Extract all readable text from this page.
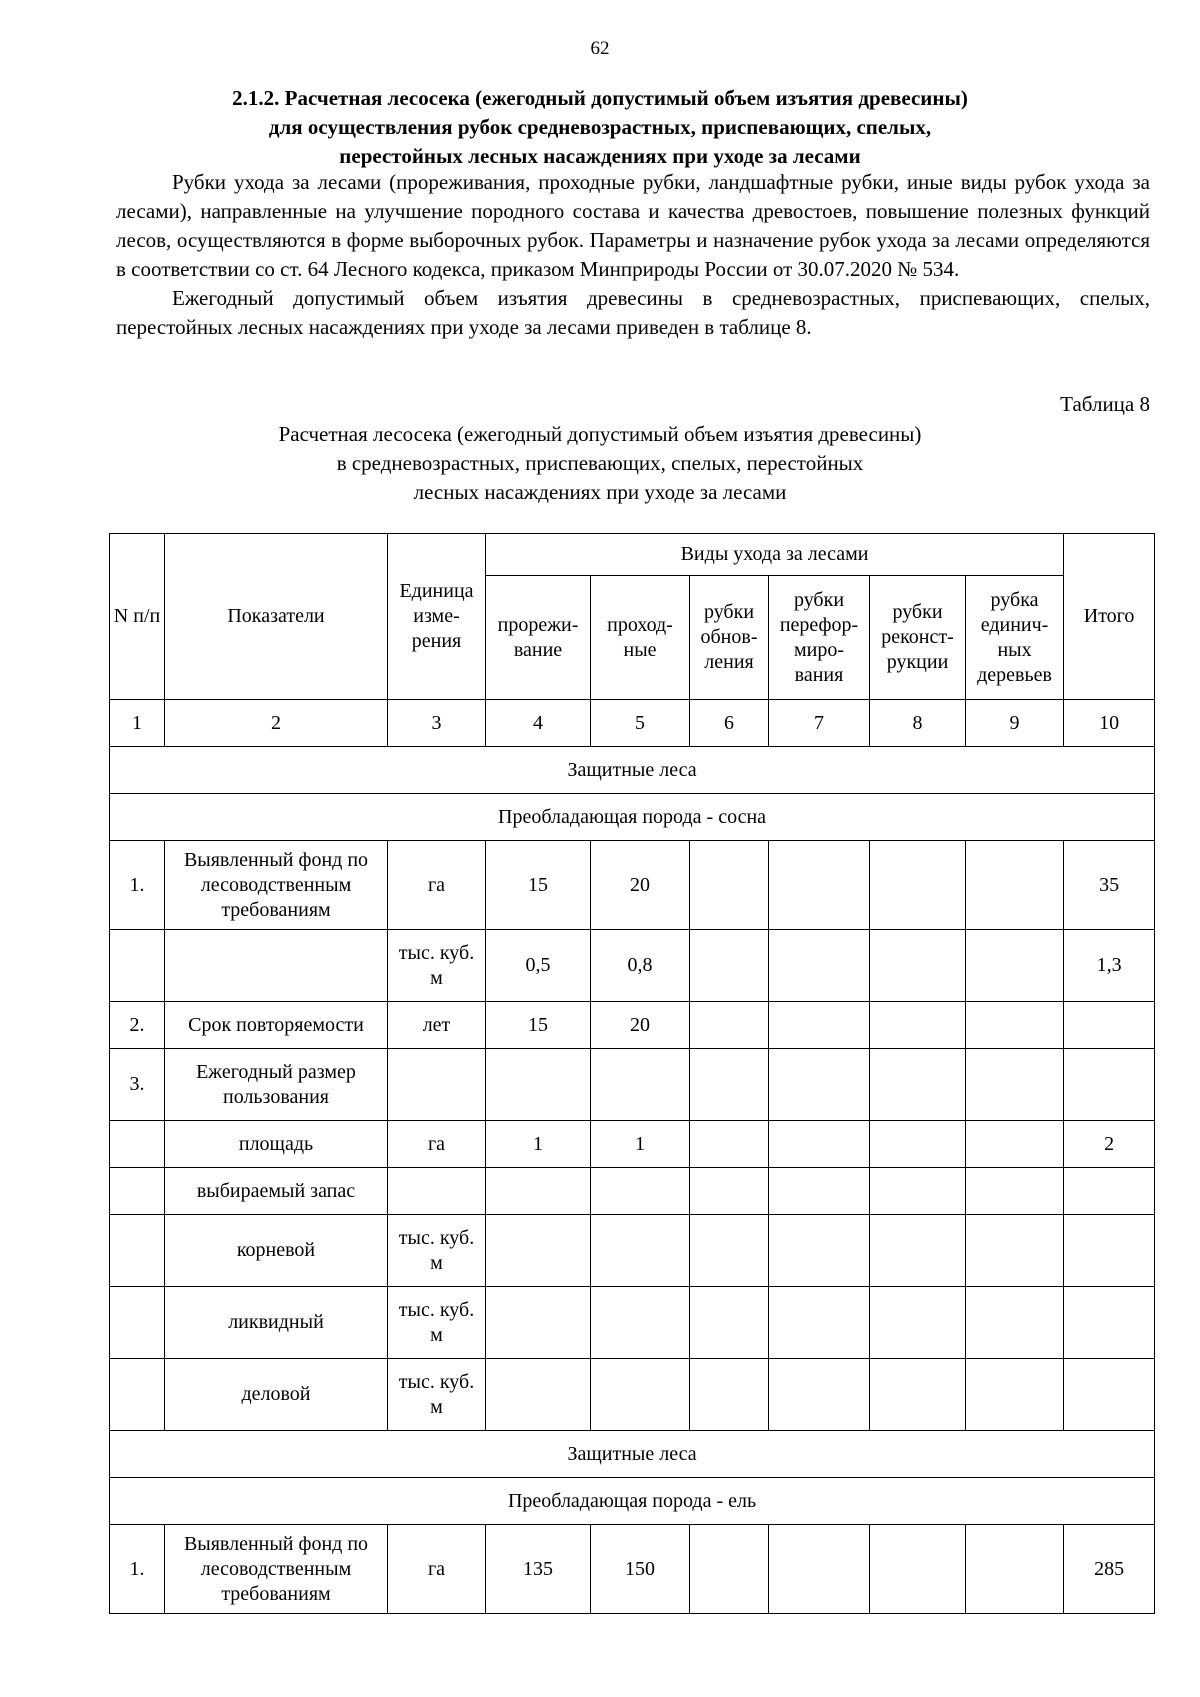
62
2.1.2. Расчетная лесосека (ежегодный допустимый объем изъятия древесины)
для осуществления рубок средневозрастных, приспевающих, спелых,
перестойных лесных насаждениях при уходе за лесами

Рубки ухода за лесами (прореживания, проходные рубки, ландшафтные рубки, иные виды рубок ухода за лесами), направленные на улучшение породного состава и качества древостоев, повышение полезных функций лесов, осуществляются в форме выборочных рубок. Параметры и назначение рубок ухода за лесами определяются в соответствии со ст. 64 Лесного кодекса, приказом Минприроды России от 30.07.2020 № 534.

Ежегодный допустимый объем изъятия древесины в средневозрастных, приспевающих, спелых, перестойных лесных насаждениях при уходе за лесами приведен в таблице 8.

Таблица 8
Расчетная лесосека (ежегодный допустимый объем изъятия древесины)
в средневозрастных, приспевающих, спелых, перестойных
лесных насаждениях при уходе за лесами
N п/п	Показатели	Единица изме-рения	Виды ухода за лесами						Итого
			прорежи-вание	проход-ные	рубки обнов-ления	рубки перефор-миро-вания	рубки реконст-рукции	рубка единич-ных деревьев	
1	2	3	4	5	6	7	8	9	10
Защитные леса									
Преобладающая порода - сосна									
1.	Выявленный фонд по лесоводственным требованиям	га	15	20					35
		тыс. куб. м	0,5	0,8					1,3
2.	Срок повторяемости	лет	15	20					
3.	Ежегодный размер пользования								
	площадь	га	1	1					2
	выбираемый запас								
	корневой	тыс. куб. м							
	ликвидный	тыс. куб. м							
	деловой	тыс. куб. м							
Защитные леса									
Преобладающая порода - ель									
1.	Выявленный фонд по лесоводственным требованиям	га	135	150					285
